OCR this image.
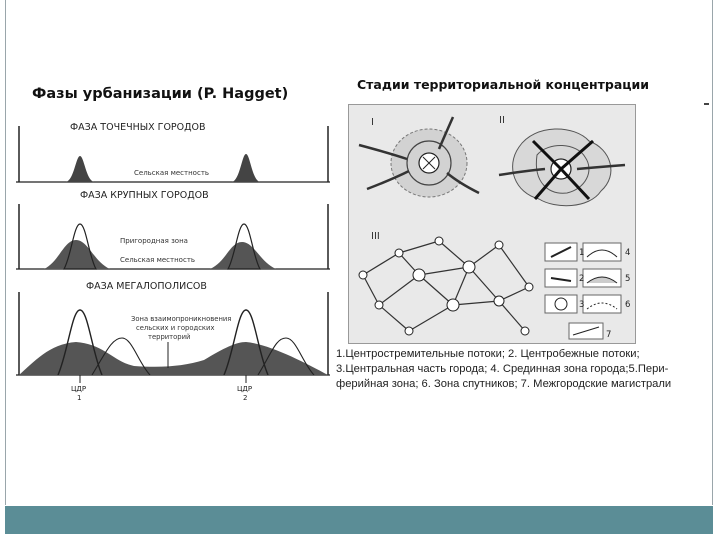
Фазы урбанизации (P. Hagget)
Стадии территориальной концентрации
ФАЗА ТОЧЕЧНЫХ ГОРОДОВ
Сельская местность
ФАЗА КРУПНЫХ ГОРОДОВ
Пригородная зона
Сельская местность
ФАЗА МЕГАЛОПОЛИСОВ
Зона взаимопроникновения
сельских и городских
территорий
ЦДР
1
ЦДР
2
I	II
III
1
2
3
4
5
6
7
1.Центростремительные потоки; 2. Центробежные потоки;
3.Центральная часть города; 4. Срединная зона города;5.Пери-
ферийная зона; 6. Зона спутников; 7. Межгородские магистрали
